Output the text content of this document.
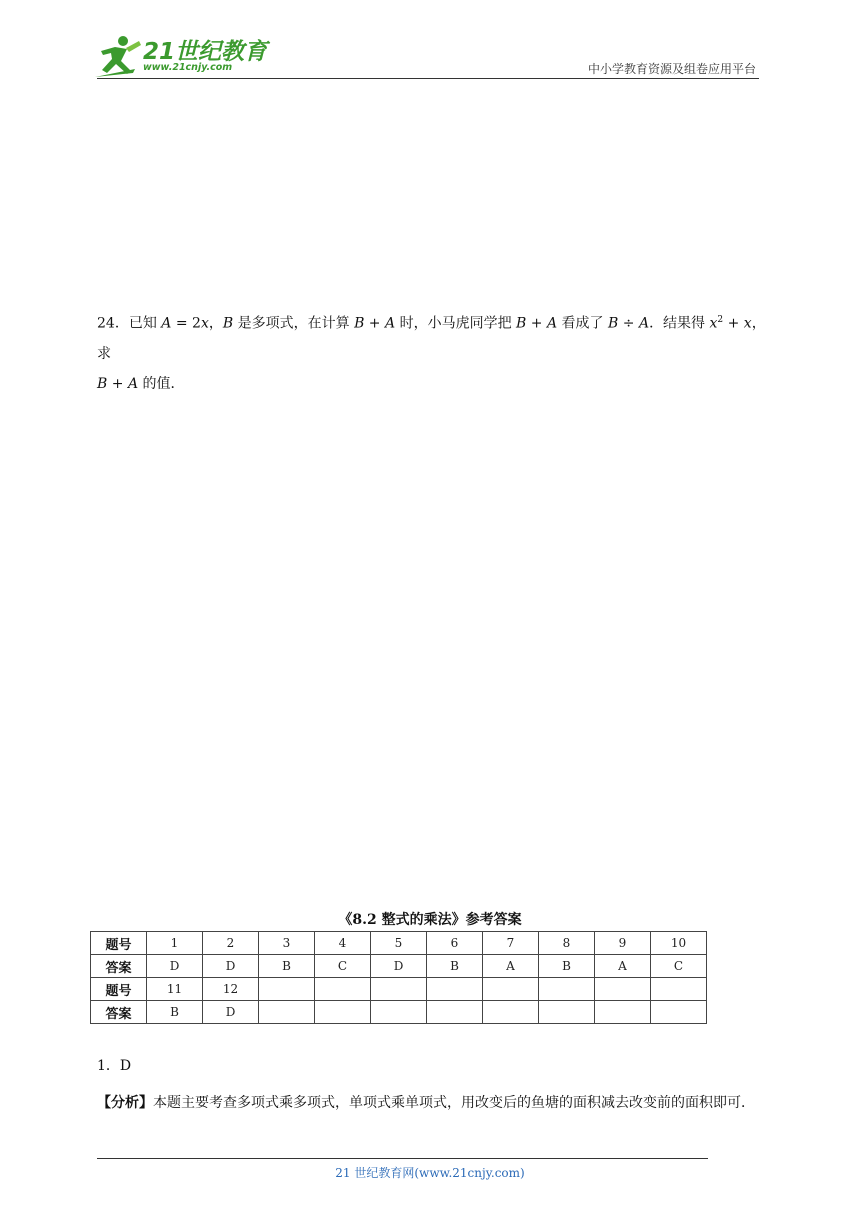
21世纪教育
www.21cnjy.com	中小学教育资源及组卷应用平台
24．已知 A = 2x，B 是多项式，在计算 B + A 时，小马虎同学把 B + A 看成了 B ÷ A．结果得 $x^2 + x$，求
B + A 的值．
《8.2 整式的乘法》参考答案
题号	1	2	3	4	5	6	7	8	9	10
答案	D	D	B	C	D	B	A	B	A	C
题号	11	12								
答案	B	D								
1．D
【分析】本题主要考查多项式乘多项式，单项式乘单项式，用改变后的鱼塘的面积减去改变前的面积即可．
21 世纪教育网(www.21cnjy.com)
